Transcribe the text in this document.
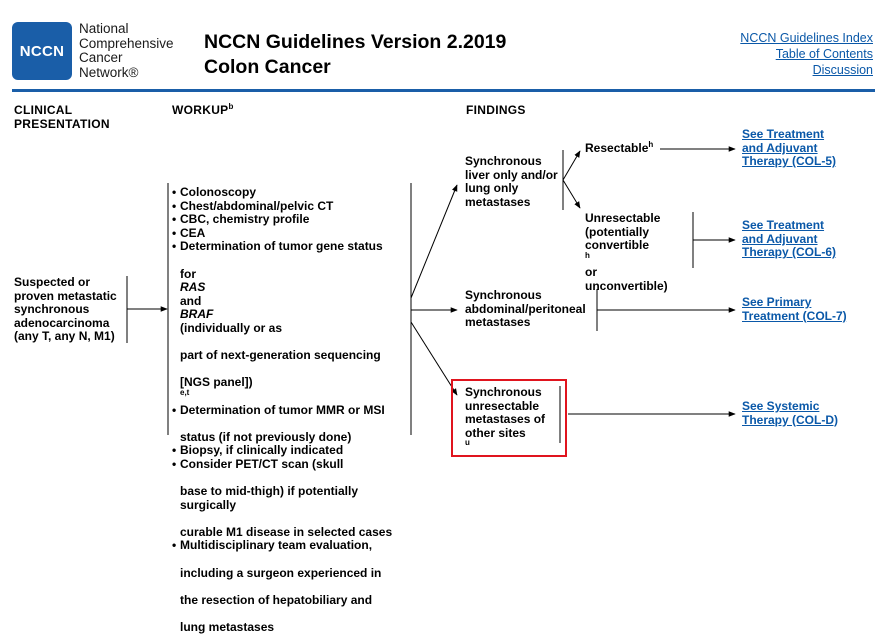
NCCN
National
Comprehensive
Cancer
Network®
NCCN Guidelines Version 2.2019
Colon Cancer
NCCN Guidelines Index
Table of Contents
Discussion
CLINICAL
PRESENTATION
WORKUP$^b$	FINDINGS
Suspected or
proven metastatic
synchronous
adenocarcinoma
(any T, any N, M1)
• Colonoscopy
• Chest/abdominal/pelvic CT
• CBC, chemistry profile
• CEA
• Determination of tumor gene status

for
RAS
and
BRAF
(individually or as

part of next-generation sequencing

[NGS panel])
$^{e,t}$
• Determination of tumor MMR or MSI

status (if not previously done)
• Biopsy, if clinically indicated
• Consider PET/CT scan (skull

base to mid-thigh) if potentially surgically

curable M1 disease in selected cases
• Multidisciplinary team evaluation,

including a surgeon experienced in

the resection of hepatobiliary and

lung metastases
Synchronous
liver only and/or
lung only
metastases
Synchronous
abdominal/peritoneal
metastases
Synchronous
unresectable
metastases of
other sites
$^u$
Resectable$^h$
Unresectable
(potentially
convertible
$^h$
or
unconvertible)
See Treatment
and Adjuvant
Therapy (COL-5)
See Treatment
and Adjuvant
Therapy (COL-6)
See Primary
Treatment (COL-7)
See Systemic
Therapy (COL-D)
